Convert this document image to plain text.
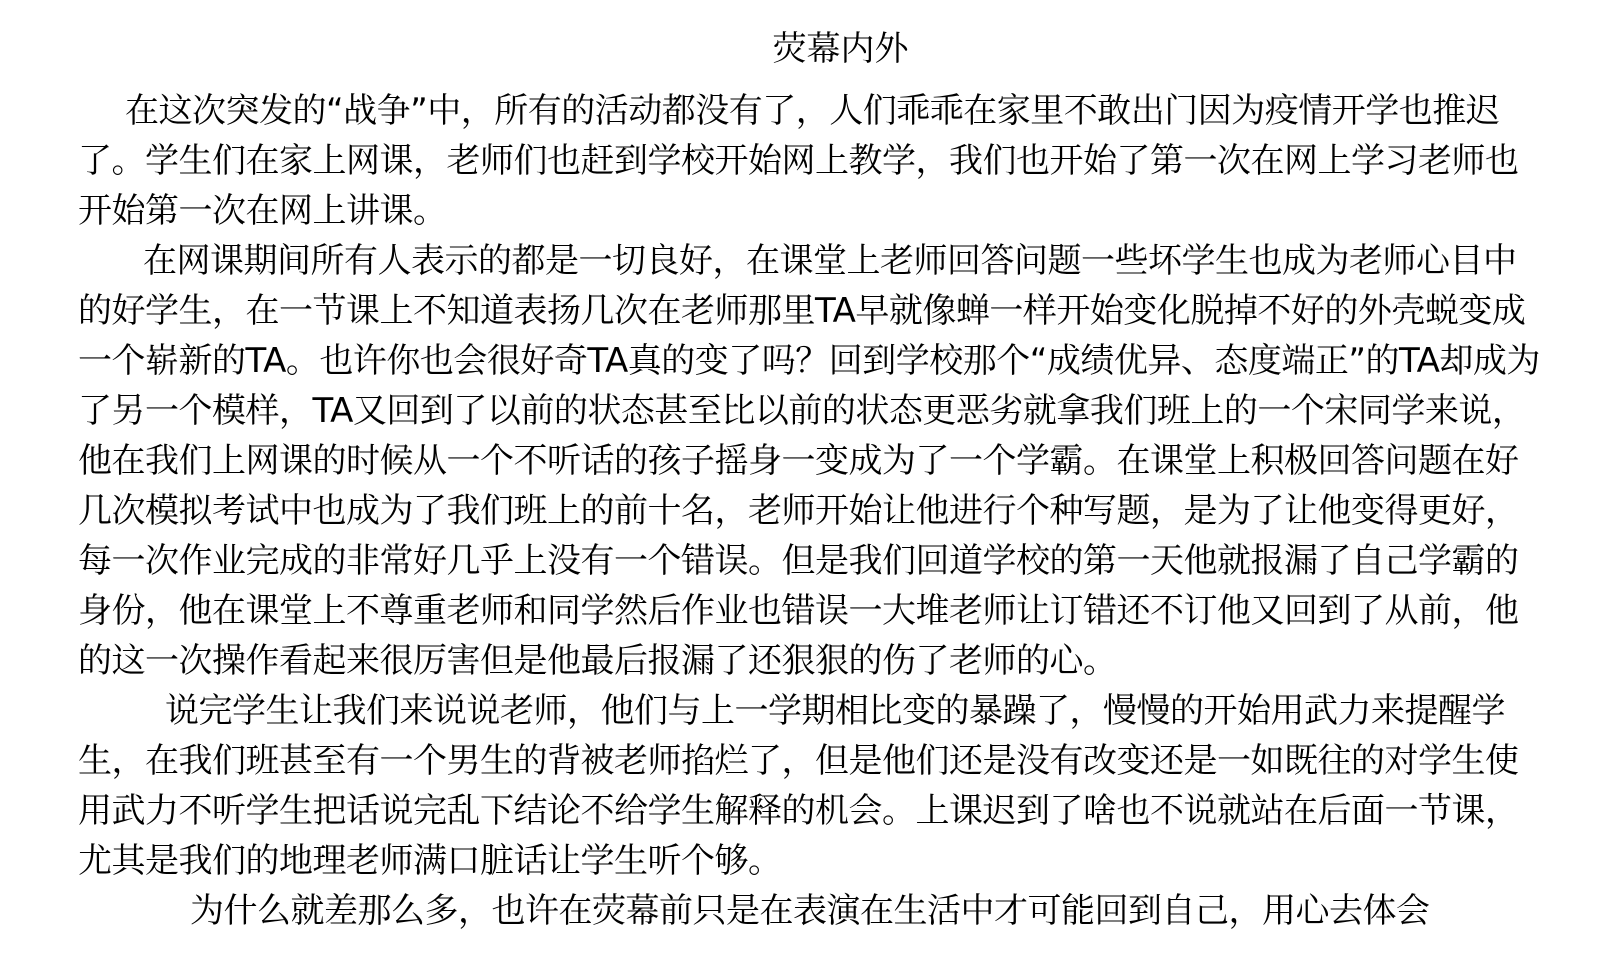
荧幕内外
在这次突发的“战争”中，所有的活动都没有了，人们乖乖在家里不敢出门因为疫情开学也推迟
了。学生们在家上网课，老师们也赶到学校开始网上教学，我们也开始了第一次在网上学习老师也
开始第一次在网上讲课。
在网课期间所有人表示的都是一切良好，在课堂上老师回答问题一些坏学生也成为老师心目中
的好学生，在一节课上不知道表扬几次在老师那里TA早就像蝉一样开始变化脱掉不好的外壳蜕变成
一个崭新的TA。也许你也会很好奇TA真的变了吗？回到学校那个“成绩优异、态度端正”的TA却成为
了另一个模样，TA又回到了以前的状态甚至比以前的状态更恶劣就拿我们班上的一个宋同学来说，
他在我们上网课的时候从一个不听话的孩子摇身一变成为了一个学霸。在课堂上积极回答问题在好
几次模拟考试中也成为了我们班上的前十名，老师开始让他进行个种写题，是为了让他变得更好，
每一次作业完成的非常好几乎上没有一个错误。但是我们回道学校的第一天他就报漏了自己学霸的
身份，他在课堂上不尊重老师和同学然后作业也错误一大堆老师让订错还不订他又回到了从前，他
的这一次操作看起来很厉害但是他最后报漏了还狠狠的伤了老师的心。
说完学生让我们来说说老师，他们与上一学期相比变的暴躁了，慢慢的开始用武力来提醒学
生，在我们班甚至有一个男生的背被老师掐烂了，但是他们还是没有改变还是一如既往的对学生使
用武力不听学生把话说完乱下结论不给学生解释的机会。上课迟到了啥也不说就站在后面一节课，
尤其是我们的地理老师满口脏话让学生听个够。
为什么就差那么多，也许在荧幕前只是在表演在生活中才可能回到自己，用心去体会
